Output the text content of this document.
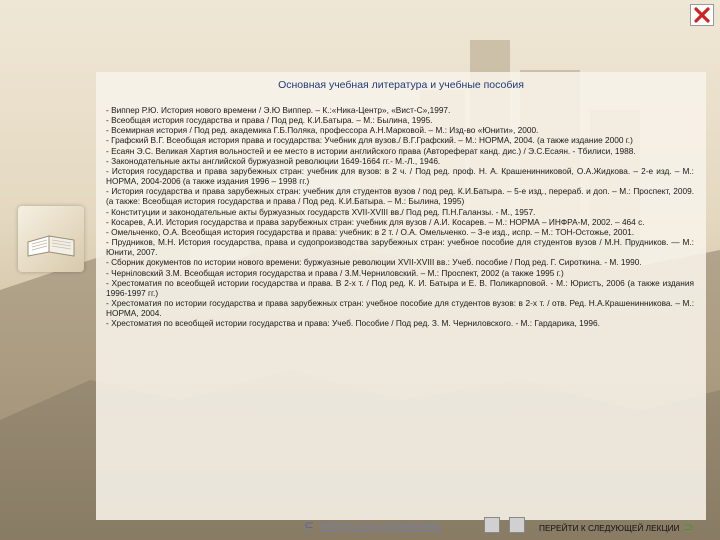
Основная учебная литература и учебные пособия

- Виппер Р.Ю. История нового времени / Э.Ю Виппер. – К.:«Ника-Центр», «Вист-С»,1997.

- Всеобщая история государства и права / Под ред. К.И.Батыра. – М.: Былина, 1995.

- Всемирная история / Под ред. академика Г.Б.Поляка, профессора А.Н.Марковой. – М.: Изд-во «Юнити», 2000.

- Графский В.Г. Всеобщая история права и государства: Учебник для вузов./ В.Г.Графский. – М.: НОРМА, 2004. (а также издание 2000 г.)

- Есаян Э.С. Великая Хартия вольностей и ее место в истории английского права (Автореферат канд. дис.) / Э.С.Есаян. - Тбилиси, 1988.

- Законодательные акты английской буржуазной революции 1649-1664 гг.- М.-Л., 1946.

- История государства и права зарубежных стран: учебник для вузов: в 2 ч. / Под ред. проф. Н. А. Крашенинниковой, О.А.Жидкова. – 2-е изд. – М.: НОРМА, 2004-2006 (а также издания 1996 – 1998 гг.)

- История государства и права зарубежных стран: учебник для студентов вузов / под ред. К.И.Батыра. – 5-е изд., перераб. и доп. – М.: Проспект, 2009. (а также: Всеобщая история государства и права / Под ред. К.И.Батыра. – М.: Былина, 1995)

- Конституции и законодательные акты буржуазных государств XVII-XVIII вв./ Под ред. П.Н.Галанзы. - М., 1957.

- Косарев, А.И. История государства и права зарубежных стран: учебник для вузов / А.И. Косарев. – М.: НОРМА – ИНФРА-М, 2002. – 464 с.

- Омельченко, О.А. Всеобщая история государства и права: учебник: в 2 т. / О.А. Омельченко. – 3-е изд., испр. – М.: ТОН-Остожье, 2001.

- Прудников, М.Н. История государства, права и судопроизводства зарубежных стран: учебное пособие для студентов вузов / М.Н. Прудников. — М.: Юнити, 2007.

- Сборник документов по истории нового времени: буржуазные революции XVII-XVIII вв.: Учеб. пособие / Под ред. Г. Сироткина. - М. 1990.

- Чернiловский З.М. Всеобщая история государства и права / З.М.Черниловский. – М.: Проспект, 2002 (а также 1995 г.)

- Хрестоматия по всеобщей истории государства и права. В 2-х т. / Под ред. К. И. Батыра и Е. В. Поликарповой. - М.: Юристъ, 2006 (а также издания 1996-1997 гг.)

- Хрестоматия по истории государства и права зарубежных стран: учебное пособие для студентов вузов: в 2-х т. / отв. Ред. Н.А.Крашенинникова. – М.: НОРМА, 2004.

- Хрестоматия по всеобщей истории государства и права: Учеб. Пособие / Под ред. З. М. Черниловского. - М.: Гардарика, 1996.

⊂ ВЕРНУТЬСЯ К ОГЛАВЛЕНИЮ	ПЕРЕЙТИ К СЛЕДУЮЩЕЙ ЛЕКЦИИ ⊃
